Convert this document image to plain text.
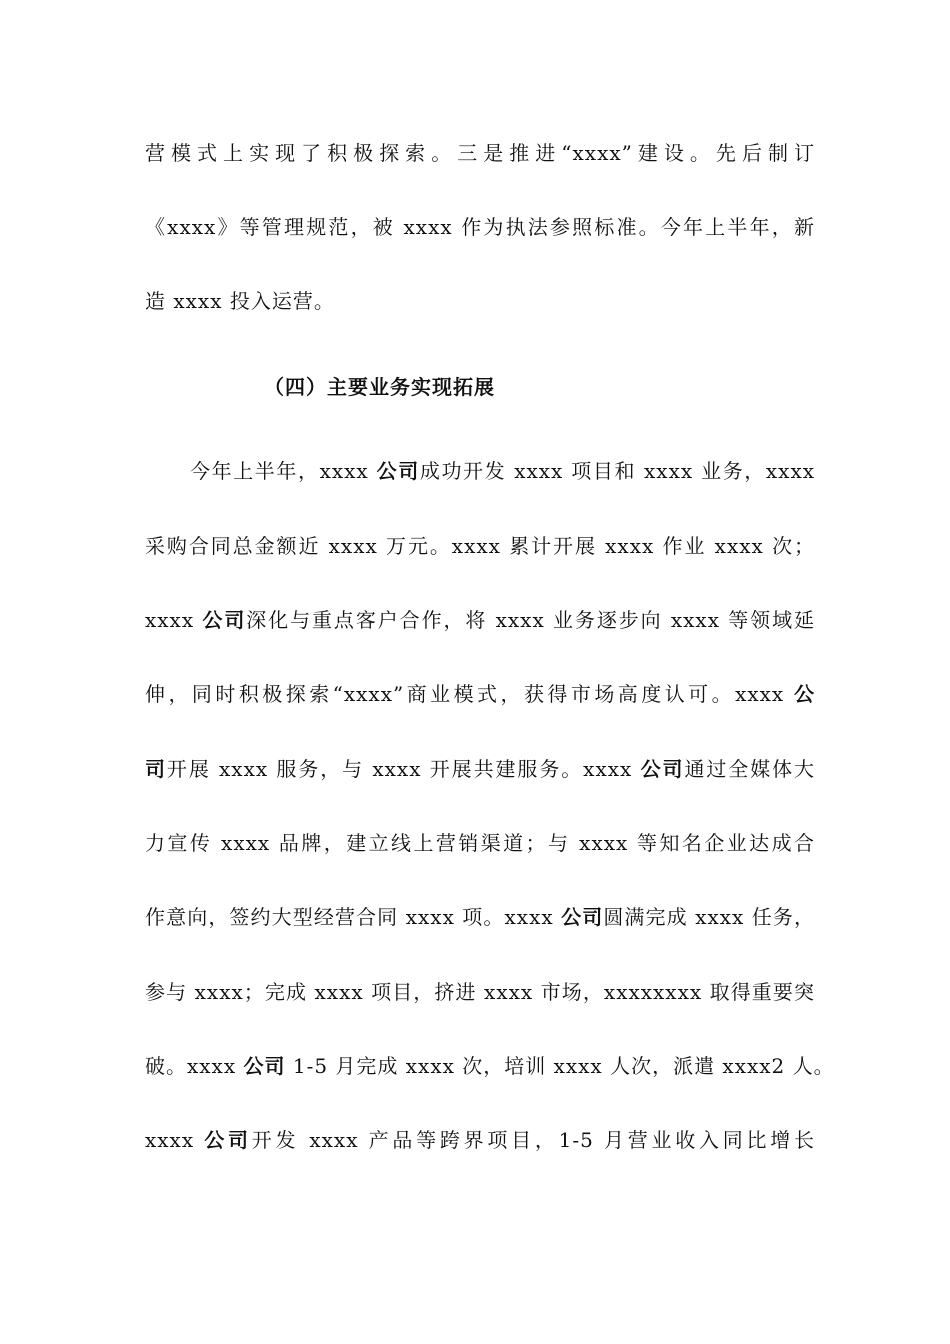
营模式上实现了积极探索。三是推进“xxxx”建设。先后制订
《xxxx》等管理规范，被 xxxx 作为执法参照标准。今年上半年，新
造 xxxx 投入运营。
（四）主要业务实现拓展
今年上半年，xxxx 公司成功开发 xxxx 项目和 xxxx 业务，xxxx
采购合同总金额近 xxxx 万元。xxxx 累计开展 xxxx 作业 xxxx 次；
xxxx 公司深化与重点客户合作，将 xxxx 业务逐步向 xxxx 等领域延
伸，同时积极探索“xxxx”商业模式，获得市场高度认可。xxxx 公
司开展 xxxx 服务，与 xxxx 开展共建服务。xxxx 公司通过全媒体大
力宣传 xxxx 品牌，建立线上营销渠道；与 xxxx 等知名企业达成合
作意向，签约大型经营合同 xxxx 项。xxxx 公司圆满完成 xxxx 任务，
参与 xxxx；完成 xxxx 项目，挤进 xxxx 市场，xxxxxxxx 取得重要突
破。xxxx 公司 1-5 月完成 xxxx 次，培训 xxxx 人次，派遣 xxxx2 人。
xxxx 公司开发 xxxx 产品等跨界项目，1-5 月营业收入同比增长
